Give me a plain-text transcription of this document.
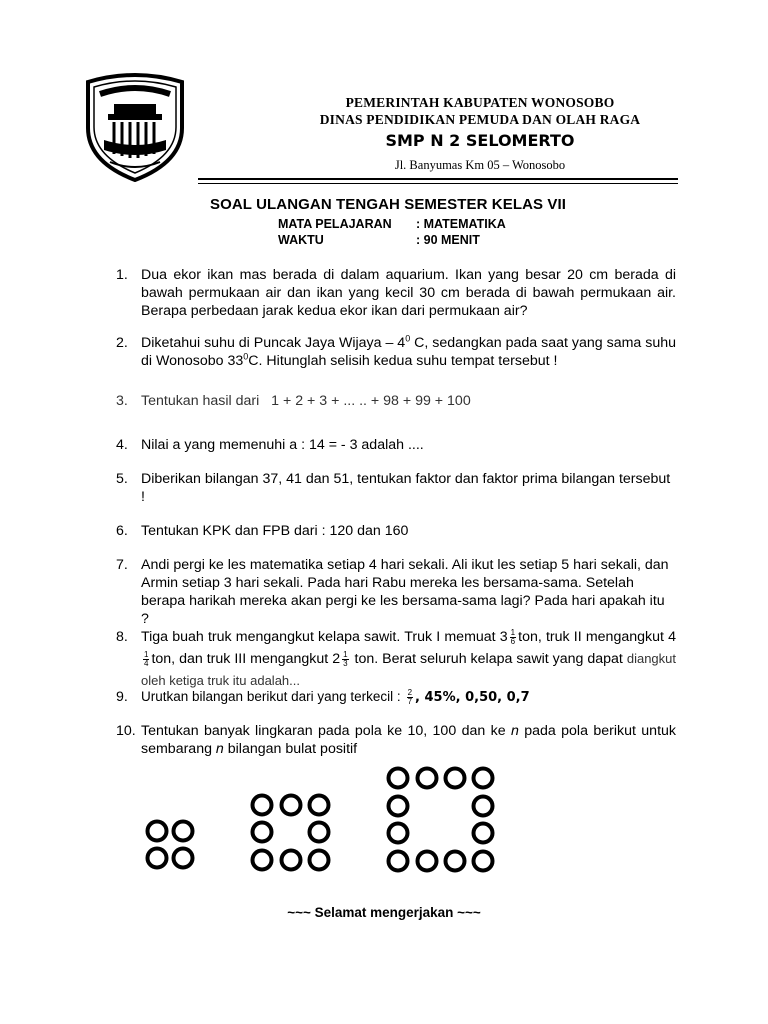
PEMERINTAH KABUPATEN WONOSOBO
DINAS PENDIDIKAN PEMUDA DAN OLAH RAGA
SMP N 2 SELOMERTO
Jl. Banyumas Km 05 – Wonosobo
SOAL ULANGAN TENGAH SEMESTER KELAS VII
MATA PELAJARAN	: MATEMATIKA
WAKTU	: 90 MENIT
1. Dua ekor ikan mas berada di dalam aquarium. Ikan yang besar 20 cm berada di bawah permukaan air dan ikan yang kecil 30 cm berada di bawah permukaan air. Berapa perbedaan jarak kedua ekor ikan dari permukaan air?
2. Diketahui suhu di Puncak Jaya Wijaya – $4^0$ C, sedangkan pada saat yang sama suhu di Wonosobo $33^0C$. Hitunglah selisih kedua suhu tempat tersebut !
3. Tentukan hasil dari 1 + 2 + 3 + ... .. + 98 + 99 + 100
4. Nilai a yang memenuhi a : 14 = - 3 adalah ....
5. Diberikan bilangan 37, 41 dan 51, tentukan faktor dan faktor prima bilangan tersebut !
6. Tentukan KPK dan FPB dari : 120 dan 160
7. Andi pergi ke les matematika setiap 4 hari sekali. Ali ikut les setiap 5 hari sekali, dan Armin setiap 3 hari sekali. Pada hari Rabu mereka les bersama-sama. Setelah berapa harikah mereka akan pergi ke les bersama-sama lagi? Pada hari apakah itu ?
8. Tiga buah truk mengangkut kelapa sawit. Truk I memuat $3 \frac{1}{6}$ ton, truk II mengangkut 4
$\frac{1}{4}$ ton, dan truk III mengangkut $2 \frac{1}{3}$ ton. Berat seluruh kelapa sawit yang dapat diangkut oleh ketiga truk itu adalah...
9. Urutkan bilangan berikut dari yang terkecil : $\frac{2}{7}$ , 45%, 0,50, 0,7
10. Tentukan banyak lingkaran pada pola ke 10, 100 dan ke n pada pola berikut untuk sembarang n bilangan bulat positif
~~~ Selamat mengerjakan ~~~
